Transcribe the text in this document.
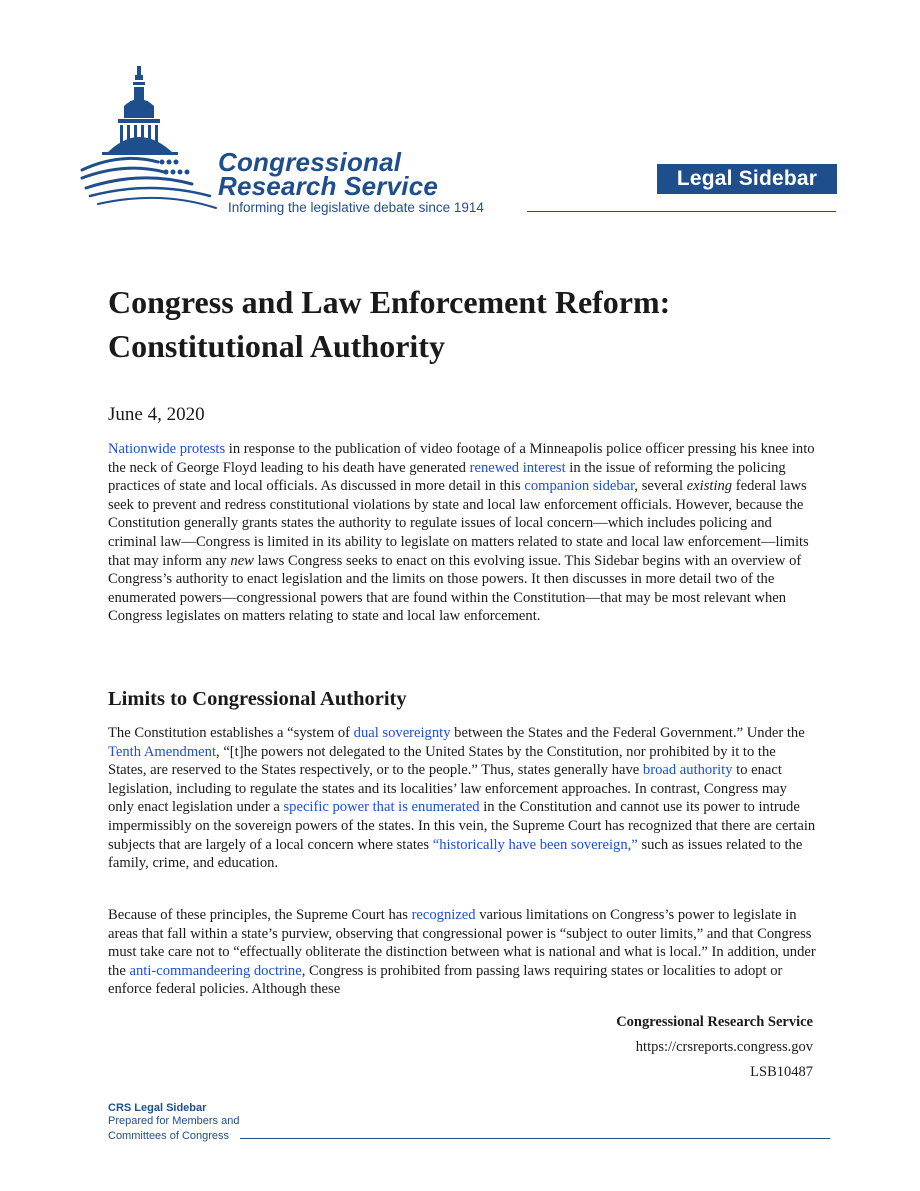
Congressional
Research Service
Informing the legislative debate since 1914
Legal Sidebar
Congress and Law Enforcement Reform: Constitutional Authority
June 4, 2020

Nationwide protests in response to the publication of video footage of a Minneapolis police officer pressing his knee into the neck of George Floyd leading to his death have generated renewed interest in the issue of reforming the policing practices of state and local officials. As discussed in more detail in this companion sidebar, several existing federal laws seek to prevent and redress constitutional violations by state and local law enforcement officials. However, because the Constitution generally grants states the authority to regulate issues of local concern—which includes policing and criminal law—Congress is limited in its ability to legislate on matters related to state and local law enforcement—limits that may inform any new laws Congress seeks to enact on this evolving issue. This Sidebar begins with an overview of Congress’s authority to enact legislation and the limits on those powers. It then discusses in more detail two of the enumerated powers—congressional powers that are found within the Constitution—that may be most relevant when Congress legislates on matters relating to state and local law enforcement.

Limits to Congressional Authority

The Constitution establishes a “system of dual sovereignty between the States and the Federal Government.” Under the Tenth Amendment, “[t]he powers not delegated to the United States by the Constitution, nor prohibited by it to the States, are reserved to the States respectively, or to the people.” Thus, states generally have broad authority to enact legislation, including to regulate the states and its localities’ law enforcement approaches. In contrast, Congress may only enact legislation under a specific power that is enumerated in the Constitution and cannot use its power to intrude impermissibly on the sovereign powers of the states. In this vein, the Supreme Court has recognized that there are certain subjects that are largely of a local concern where states “historically have been sovereign,” such as issues related to the family, crime, and education.

Because of these principles, the Supreme Court has recognized various limitations on Congress’s power to legislate in areas that fall within a state’s purview, observing that congressional power is “subject to outer limits,” and that Congress must take care not to “effectually obliterate the distinction between what is national and what is local.” In addition, under the anti-commandeering doctrine, Congress is prohibited from passing laws requiring states or localities to adopt or enforce federal policies. Although these

Congressional Research Service
https://crsreports.congress.gov
LSB10487
CRS Legal Sidebar
Prepared for Members and
Committees of Congress
